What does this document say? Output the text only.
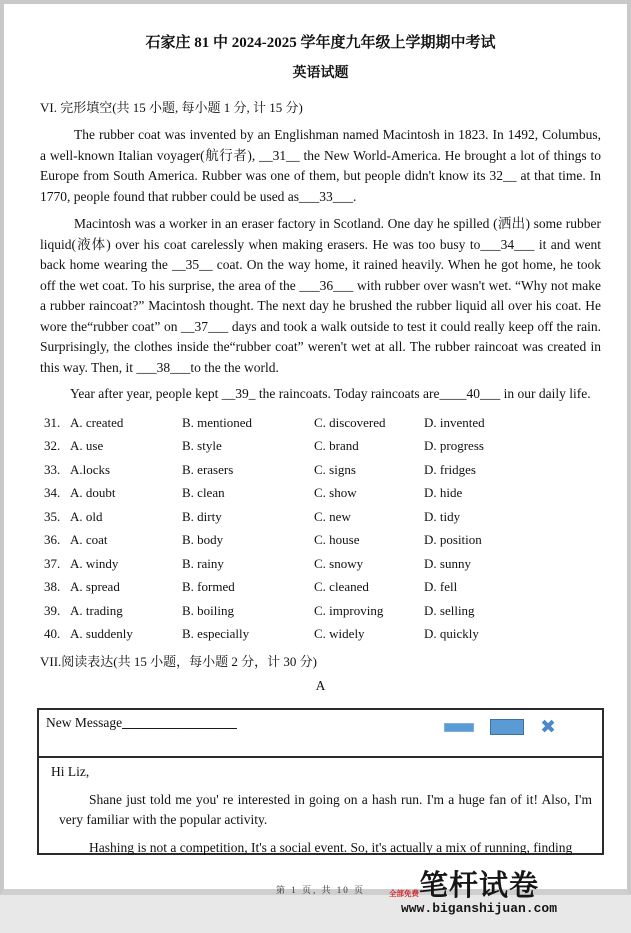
石家庄 81 中 2024-2025 学年度九年级上学期期中考试
英语试题
VI. 完形填空(共 15 小题, 每小题 1 分, 计 15 分)

The rubber coat was invented by an Englishman named Macintosh in 1823. In 1492, Columbus, a well-known Italian voyager(航行者), __31__ the New World-America. He brought a lot of things to Europe from South America. Rubber was one of them, but people didn't know its 32__ at that time. In 1770, people found that rubber could be used as___33___.

Macintosh was a worker in an eraser factory in Scotland. One day he spilled (洒出) some rubber liquid(液体) over his coat carelessly when making erasers. He was too busy to___34___ it and went back home wearing the __35__ coat. On the way home, it rained heavily. When he got home, he took off the wet coat. To his surprise, the area of the ___36___ with rubber over wasn't wet. “Why not make a rubber raincoat?” Macintosh thought. The next day he brushed the rubber liquid all over his coat. He wore the“rubber coat” on __37___ days and took a walk outside to test it could really keep off the rain. Surprisingly, the clothes inside the“rubber coat” weren't wet at all. The rubber raincoat was created in this way. Then, it ___38___to the the world.

Year after year, people kept __39_ the raincoats. Today raincoats are____40___ in our daily life.

31. A. created	B. mentioned	C. discovered	D. invented
32. A. use	B. style	C. brand	D. progress
33. A.locks	B. erasers	C. signs	D. fridges
34. A. doubt	B. clean	C. show	D. hide
35. A. old	B. dirty	C. new	D. tidy
36. A. coat	B. body	C. house	D. position
37. A. windy	B. rainy	C. snowy	D. sunny
38. A. spread	B. formed	C. cleaned	D. fell
39. A. trading	B. boiling	C. improving	D. selling
40. A. suddenly	B. especially	C. widely	D. quickly
VII.阅读表达(共 15 小题，每小题 2 分，计 30 分)
A
New Message_________________	✖

Hi Liz,

Shane just told me you' re interested in going on a hash run. I'm a huge fan of it! Also, I'm very familiar with the popular activity.

Hashing is not a competition, It's a social event. So, it's actually a mix of running, finding

第 1 页, 共 10 页	全部免费 笔杆试卷
www.biganshijuan.com
